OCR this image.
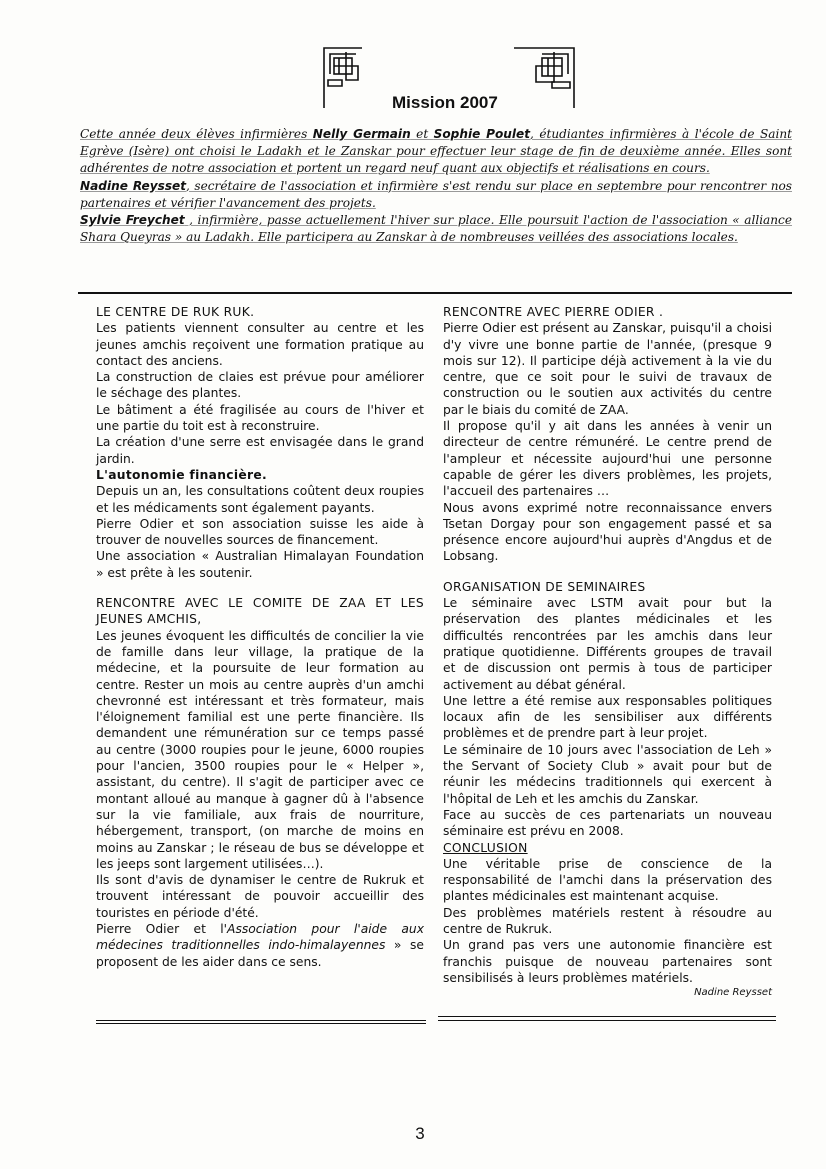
Mission 2007

Cette année deux élèves infirmières Nelly Germain et Sophie Poulet, étudiantes infirmières à l'école de Saint Egrève (Isère) ont choisi le Ladakh et le Zanskar pour effectuer leur stage de fin de deuxième année. Elles sont adhérentes de notre association et portent un regard neuf quant aux objectifs et réalisations en cours.

Nadine Reysset, secrétaire de l'association et infirmière s'est rendu sur place en septembre pour rencontrer nos partenaires et vérifier l'avancement des projets.

Sylvie Freychet , infirmière, passe actuellement l'hiver sur place. Elle poursuit l'action de l'association « alliance Shara Queyras » au Ladakh. Elle participera au Zanskar à de nombreuses veillées des associations locales.

LE CENTRE DE RUK RUK.

Les patients viennent consulter au centre et les jeunes amchis reçoivent une formation pratique au contact des anciens.

La construction de claies est prévue pour améliorer le séchage des plantes.

Le bâtiment a été fragilisée au cours de l'hiver et une partie du toit est à reconstruire.

La création d'une serre est envisagée dans le grand jardin.

L'autonomie financière.

Depuis un an, les consultations coûtent deux roupies et les médicaments sont également payants.

Pierre Odier et son association suisse les aide à trouver de nouvelles sources de financement.

Une association « Australian Himalayan Foundation » est prête à les soutenir.

RENCONTRE AVEC LE COMITE DE ZAA ET LES JEUNES AMCHIS,

Les jeunes évoquent les difficultés de concilier la vie de famille dans leur village, la pratique de la médecine, et la poursuite de leur formation au centre. Rester un mois au centre auprès d'un amchi chevronné est intéressant et très formateur, mais l'éloignement familial est une perte financière. Ils demandent une rémunération sur ce temps passé au centre (3000 roupies pour le jeune, 6000 roupies pour l'ancien, 3500 roupies pour le « Helper », assistant, du centre). Il s'agit de participer avec ce montant alloué au manque à gagner dû à l'absence sur la vie familiale, aux frais de nourriture, hébergement, transport, (on marche de moins en moins au Zanskar ; le réseau de bus se développe et les jeeps sont largement utilisées…).

Ils sont d'avis de dynamiser le centre de Rukruk et trouvent intéressant de pouvoir accueillir des touristes en période d'été.

Pierre Odier et l'Association pour l'aide aux médecines traditionnelles indo-himalayennes » se proposent de les aider dans ce sens.

RENCONTRE AVEC PIERRE ODIER .

Pierre Odier est présent au Zanskar, puisqu'il a choisi d'y vivre une bonne partie de l'année, (presque 9 mois sur 12). Il participe déjà activement à la vie du centre, que ce soit pour le suivi de travaux de construction ou le soutien aux activités du centre par le biais du comité de ZAA.

Il propose qu'il y ait dans les années à venir un directeur de centre rémunéré. Le centre prend de l'ampleur et nécessite aujourd'hui une personne capable de gérer les divers problèmes, les projets, l'accueil des partenaires …

Nous avons exprimé notre reconnaissance envers Tsetan Dorgay pour son engagement passé et sa présence encore aujourd'hui auprès d'Angdus et de Lobsang.

ORGANISATION DE SEMINAIRES

Le séminaire avec LSTM avait pour but la préservation des plantes médicinales et les difficultés rencontrées par les amchis dans leur pratique quotidienne. Différents groupes de travail et de discussion ont permis à tous de participer activement au débat général.

Une lettre a été remise aux responsables politiques locaux afin de les sensibiliser aux différents problèmes et de prendre part à leur projet.

Le séminaire de 10 jours avec l'association de Leh » the Servant of Society Club » avait pour but de réunir les médecins traditionnels qui exercent à l'hôpital de Leh et les amchis du Zanskar.

Face au succès de ces partenariats un nouveau séminaire est prévu en 2008.

CONCLUSION

Une véritable prise de conscience de la responsabilité de l'amchi dans la préservation des plantes médicinales est maintenant acquise.

Des problèmes matériels restent à résoudre au centre de Rukruk.

Un grand pas vers une autonomie financière est franchis puisque de nouveau partenaires sont sensibilisés à leurs problèmes matériels.

Nadine Reysset

3
